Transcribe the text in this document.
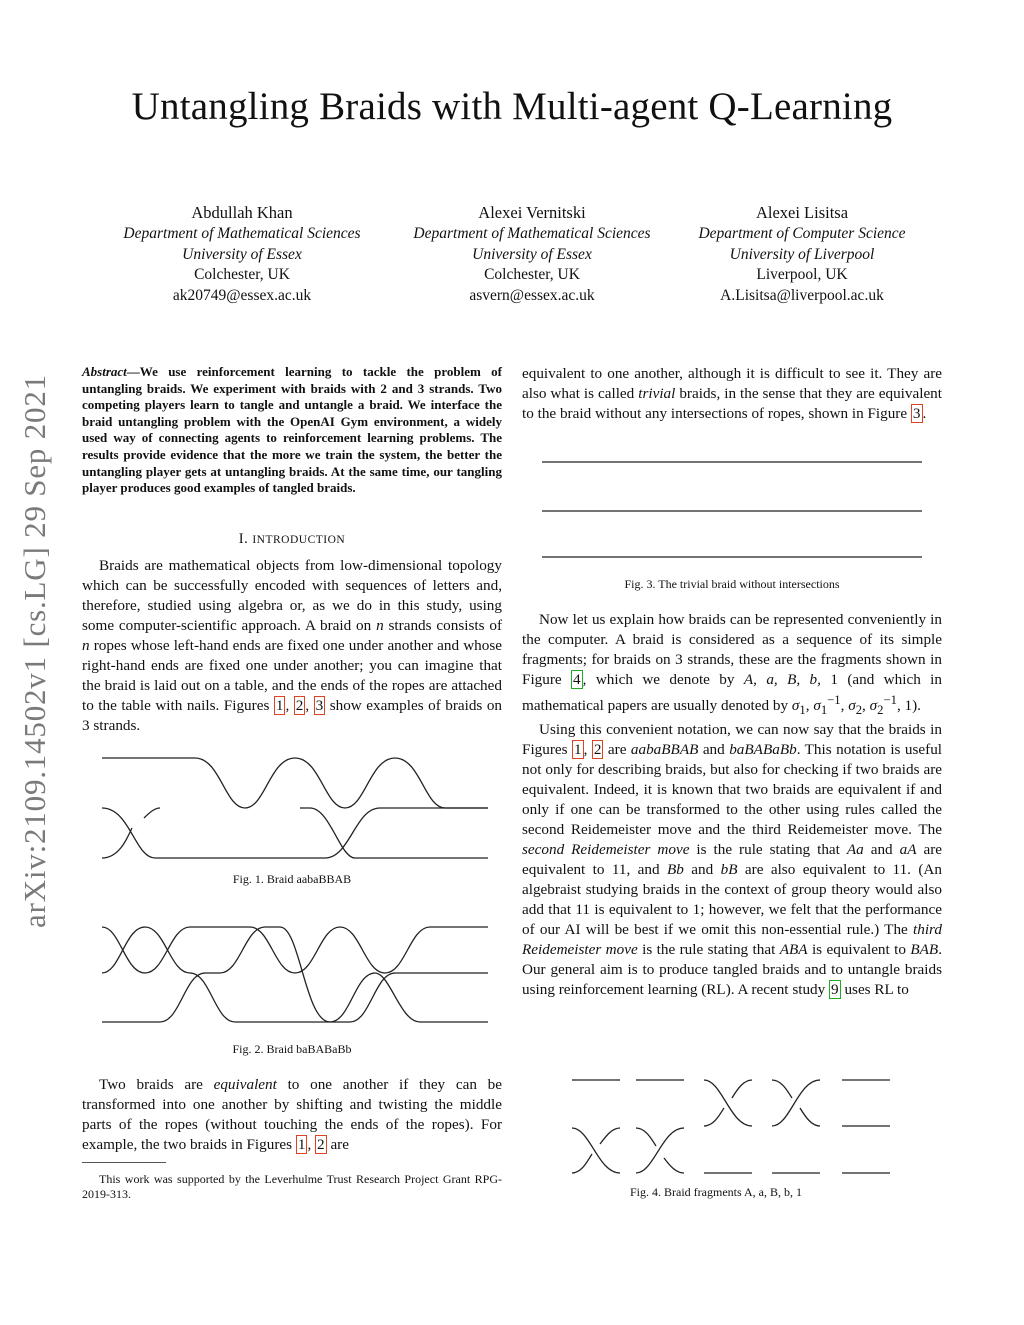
Untangling Braids with Multi-agent Q-Learning
Abdullah Khan
Department of Mathematical Sciences
University of Essex
Colchester, UK
ak20749@essex.ac.uk
Alexei Vernitski
Department of Mathematical Sciences
University of Essex
Colchester, UK
asvern@essex.ac.uk
Alexei Lisitsa
Department of Computer Science
University of Liverpool
Liverpool, UK
A.Lisitsa@liverpool.ac.uk
arXiv:2109.14502v1 [cs.LG] 29 Sep 2021

Abstract—We use reinforcement learning to tackle the problem of untangling braids. We experiment with braids with 2 and 3 strands. Two competing players learn to tangle and untangle a braid. We interface the braid untangling problem with the OpenAI Gym environment, a widely used way of connecting agents to reinforcement learning problems. The results provide evidence that the more we train the system, the better the untangling player gets at untangling braids. At the same time, our tangling player produces good examples of tangled braids.

I. INTRODUCTION

Braids are mathematical objects from low-dimensional topology which can be successfully encoded with sequences of letters and, therefore, studied using algebra or, as we do in this study, using some computer-scientific approach. A braid on n strands consists of n ropes whose left-hand ends are fixed one under another and whose right-hand ends are fixed one under another; you can imagine that the braid is laid out on a table, and the ends of the ropes are attached to the table with nails. Figures 1 , 2 , 3 show examples of braids on 3 strands.

Fig. 1. Braid aabaBBAB
Fig. 2. Braid baBABaBb

Two braids are equivalent to one another if they can be transformed into one another by shifting and twisting the middle parts of the ropes (without touching the ends of the ropes). For example, the two braids in Figures 1 , 2 are

This work was supported by the Leverhulme Trust Research Project Grant RPG-2019-313.

equivalent to one another, although it is difficult to see it. They are also what is called trivial braids, in the sense that they are equivalent to the braid without any intersections of ropes, shown in Figure 3 .

Fig. 3. The trivial braid without intersections

Now let us explain how braids can be represented conveniently in the computer. A braid is considered as a sequence of its simple fragments; for braids on 3 strands, these are the fragments shown in Figure 4 , which we denote by A, a, B, b, 1 (and which in mathematical papers are usually denoted by $\sigma_1$, $\sigma_1^{-1}$, $\sigma_2$, $\sigma_2^{-1}$, 1).

Using this convenient notation, we can now say that the braids in Figures 1 , 2 are aabaBBAB and baBABaBb. This notation is useful not only for describing braids, but also for checking if two braids are equivalent. Indeed, it is known that two braids are equivalent if and only if one can be transformed to the other using rules called the second Reidemeister move and the third Reidemeister move. The second Reidemeister move is the rule stating that Aa and aA are equivalent to 11, and Bb and bB are also equivalent to 11. (An algebraist studying braids in the context of group theory would also add that 11 is equivalent to 1; however, we felt that the performance of our AI will be best if we omit this non-essential rule.) The third Reidemeister move is the rule stating that ABA is equivalent to BAB. Our general aim is to produce tangled braids and to untangle braids using reinforcement learning (RL). A recent study 9 uses RL to

Fig. 4. Braid fragments A, a, B, b, 1
